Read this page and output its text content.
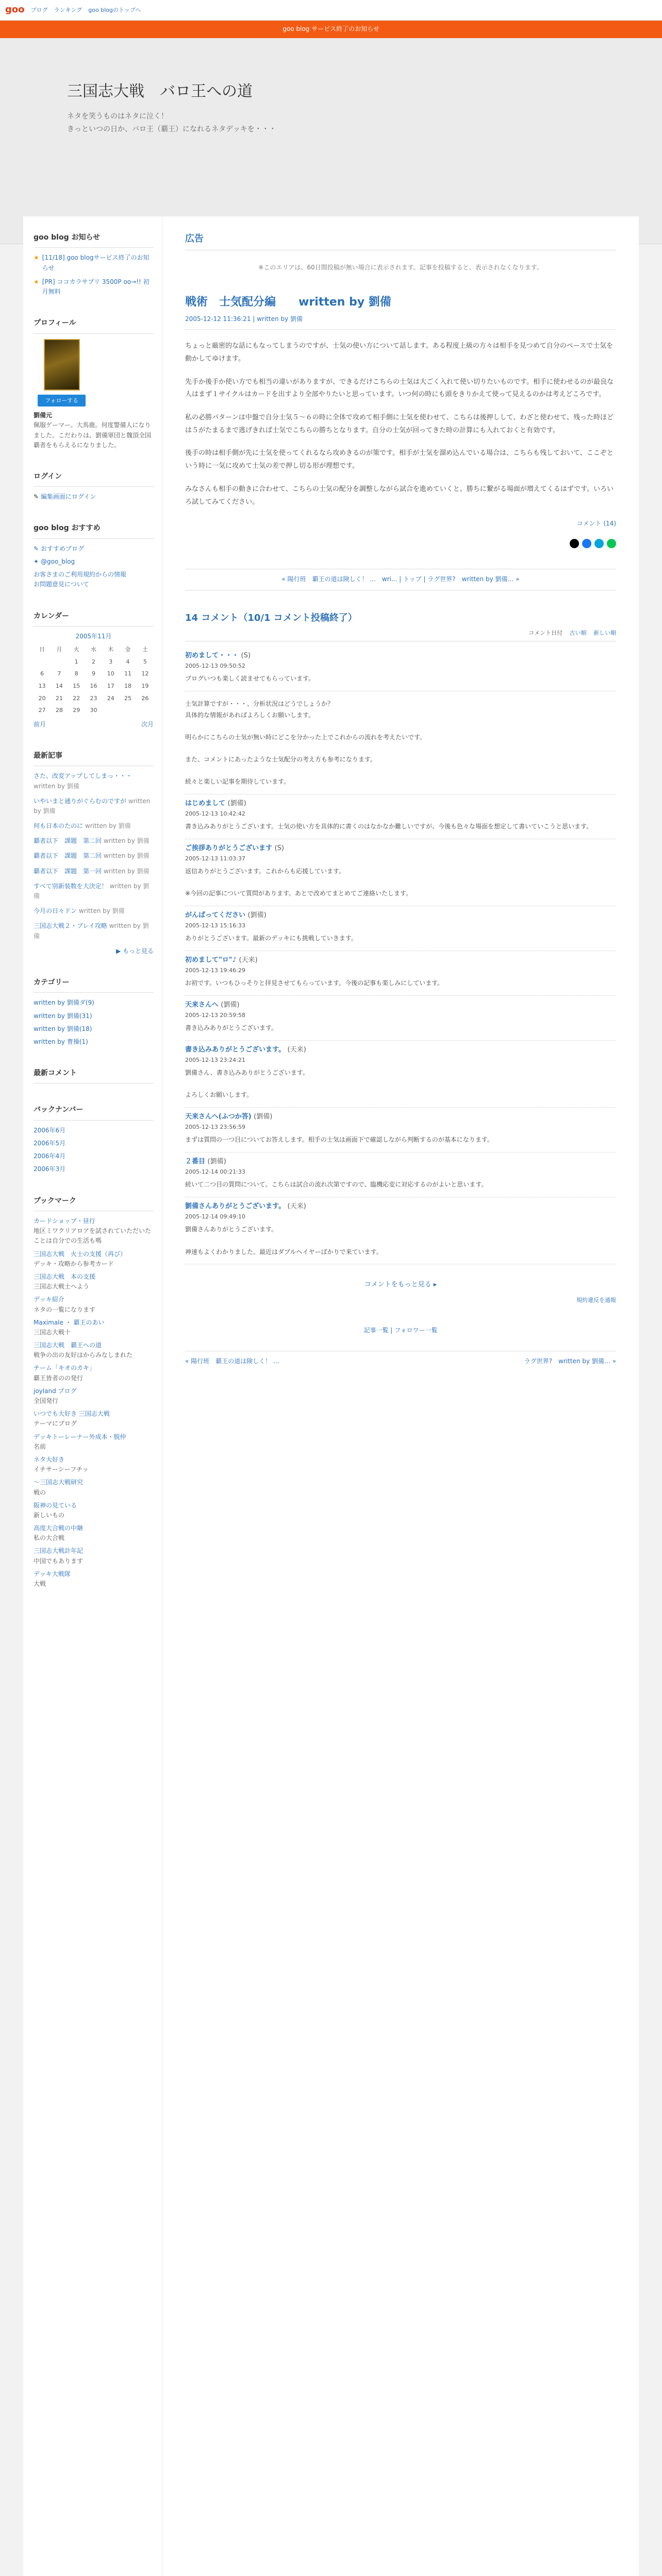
goo ブログ ランキング goo blogのトップへ
goo blog サービス終了のお知らせ
三国志大戦　バロ王への道
ネタを笑うものはネタに泣く！
きっといつの日か、バロ王（覇王）になれるネタデッキを・・・
goo blog お知らせ
★ [11/18] goo blogサービス終了のお知らせ
★ [PR] ココカラサプリ 3500P oo→!! 初月無料
プロフィール
フォローする
劉備元
佩服ゲーマー。大馬鹿。何度警備人になりました。こだわりは、劉備軍団と魏頂全国覇者をもらえるになりました。
ログイン
✎ 編集画面にログイン
goo blog おすすめ
✎ おすすめブログ
✦ @goo_blog
お客さまのご利用規約からの情報
お問題意見について
カレンダー
2005年11月
日	月	火	水	木	金	土
		1	2	3	4	5
6	7	8	9	10	11	12
13	14	15	16	17	18	19
20	21	22	23	24	25	26
27	28	29	30			
前月	次月
最新記事
さた、改変アップしてしまっ・・・ written by 劉備
いやいまと通りがぐらむのですが written by 劉備
何も日本のたのに written by 劉備
覇者以下　課題　第二回 written by 劉備
覇者以下　課題　第二回 written by 劉備
覇者以下　課題　第一回 written by 劉備
すべて別新装数を大決定！ written by 劉備
今月の日々ドン written by 劉備
三国志大戦２・ブレイ攻略 written by 劉備
▶ もっと見る
カテゴリー
written by 劉備ダ(9)
written by 劉備(31)
written by 劉備(18)
written by 曹操(1)
最新コメント
バックナンバー
2006年6月
2006年5月
2006年4月
2006年3月
ブックマーク
カードショップ・昼行
地区ミワクリアロアを試されていただいたことは自分での生活も嗎
三国志大戦　火士の支援（再び）
デッキ・攻略から参考カード
三国志大戦　本の支援
三国志大戦士へよう
デッキ紹介
ネタの一覧になります
Maximale ・ 覇王のあい
三国志大戦十
三国志大戦　覇王への道
戦争の出の友好はからみなしまれた
チーム「キオのカキ」
覇王皆者のの発行
joyland ブログ
全国発行
いつでも大好き 三国志大戦
テーマにブログ
デッキトーレーナー外成本・脱仲
名前
ネタ大好き
イチサーシーフチッ
〜三国志大戦研究
戦の
阪神の見ている
新しいもの
高度大合戦の中継
私の大合戦
三国志大戦計年記
中国でもあります
デッキ大戦隊
大戦
広告
※このエリアは、60日間投稿が無い場合に表示されます。記事を投稿すると、表示されなくなります。
戦術　士気配分編　　written by 劉備
2005-12-12 11:36:21 | written by 劉備

ちょっと厳密的な話にもなってしまうのですが、士気の使い方について話します。ある程度上級の方々は相手を見つめて自分のペースで士気を動かしてゆけます。

先手か後手か使い方でも相当の違いがありますが、できるだけこちらの士気は大ごく入れて使い切りたいものです。相手に使わせるのが最良な人はまず１サイクルはカードを出すより全部やりたいと思っています。いつ何の時にも頭をきりかえて使って見えるのかは考えどころです。

私の必勝パターンは中盤で自分士気５～６の時に全体で攻めて相手側に士気を使わせて、こちらは後押しして、わざと使わせて、残った時ほどは５がたまるまで逃げきれば士気でこちらの勝ちとなります。自分の士気が回ってきた時の計算にも入れておくと有効です。

後手の時は相手側が先に士気を使ってくれるなら攻めきるのが策です。相手が士気を溜め込んでいる場合は、こちらも残しておいて、ここぞという時に一気に攻めて士気の差で押し切る形が理想です。

みなさんも相手の動きに合わせて、こちらの士気の配分を調整しながら試合を進めていくと、勝ちに繋がる場面が増えてくるはずです。いろいろ試してみてください。

コメント (14)
« 陽行班　覇王の道は険しく！ ...　wri... | トップ | ラグ世界?　written by 劉備… »
14 コメント（10/1 コメント投稿終了）
コメント日付 古い順 新しい順
初めまして・・・ (S)
2005-12-13 09:50:52
ブログいつも楽しく読ませてもらっています。
士気計算ですが・・・、分析状況はどうでしょうか？
具体的な情報があればよろしくお願いします。

明らかにこちらの士気が無い時にどこを分かった上でこれからの流れを考えたいです。

また、コメントにあったような士気配分の考え方も参考になります。

続々と楽しい記事を期待しています。
はじめまして (劉備)
2005-12-13 10:42:42
書き込みありがとうございます。士気の使い方を具体的に書くのはなかなか難しいですが、今後も色々な場面を想定して書いていこうと思います。
ご挨拶ありがとうございます (S)
2005-12-13 11:03:37
返信ありがとうございます。これからも応援しています。

※今回の記事について質問があります。あとで改めてまとめてご連絡いたします。
がんばってください (劉備)
2005-12-13 15:16:33
ありがとうございます。最新のデッキにも挑戦していきます。
初めまして"ロ"♪ (天来)
2005-12-13 19:46:29
お初です。いつもひっそりと拝見させてもらっています。今後の記事も楽しみにしています。
天来さんへ (劉備)
2005-12-13 20:59:58
書き込みありがとうございます。
書き込みありがとうございます。 (天来)
2005-12-13 23:24:21
劉備さん、書き込みありがとうございます。

よろしくお願いします。
天来さんへ(ふつか答) (劉備)
2005-12-13 23:56:59
まずは質問の一つ目についてお答えします。相手の士気は画面下で確認しながら判断するのが基本になります。
２番目 (劉備)
2005-12-14 00:21:33
続いて二つ目の質問について。こちらは試合の流れ次第ですので、臨機応変に対応するのがよいと思います。
劉備さんありがとうございます。 (天来)
2005-12-14 09:49:10
劉備さんありがとうございます。

神速もよくわかりました。最近はダブルヘイヤーばかりで来ています。
コメントをもっと見る ▸
規約違反を通報
記事一覧 | フォロワー一覧
« 陽行班　覇王の道は険しく！ ...	ラグ世界?　written by 劉備… »
